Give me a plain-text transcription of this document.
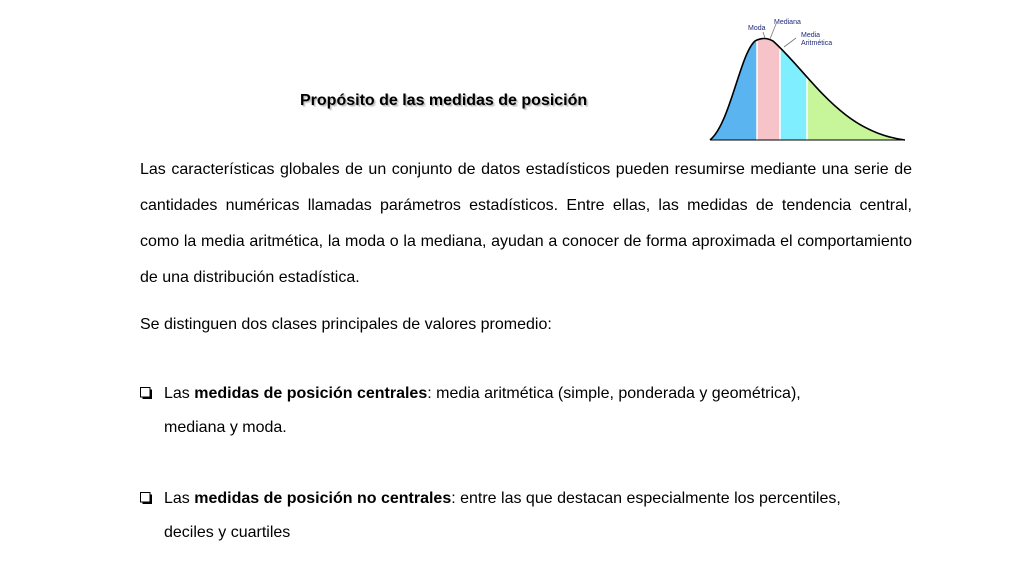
Propósito de las medidas de posición
Moda
Mediana
Media
Aritmética

Las características globales de un conjunto de datos estadísticos pueden resumirse mediante una serie de cantidades numéricas llamadas parámetros estadísticos. Entre ellas, las medidas de tendencia central, como la media aritmética, la moda o la mediana, ayudan a conocer de forma aproximada el comportamiento de una distribución estadística.

Se distinguen dos clases principales de valores promedio:

Las medidas de posición centrales: media aritmética (simple, ponderada y geométrica),
mediana y moda.
Las medidas de posición no centrales: entre las que destacan especialmente los percentiles,
deciles y cuartiles
